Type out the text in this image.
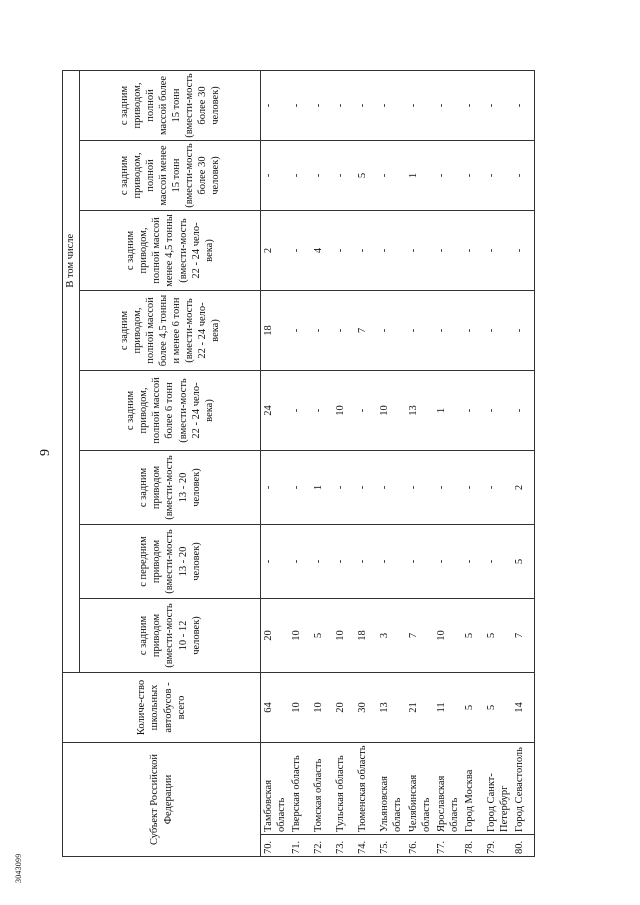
9
3043099
Субъект Российской Федерации		Количе-ство школьных автобусов - всего				В том числе				
			с задним приводом (вмести-мость 10 - 12 человек)	с передним приводом (вмести-мость 13 - 20 человек)	с задним приводом (вмести-мость 13 - 20 человек)	с задним приводом, полной массой более 6 тонн (вмести-мость 22 - 24 чело-века)	с задним приводом, полной массой более 4,5 тонны и менее 6 тонн (вмести-мость 22 - 24 чело-века)	с задним приводом, полной массой менее 4,5 тонны (вмести-мость 22 - 24 чело-века)	с задним приводом, полной массой менее 15 тонн (вмести-мость более 30 человек)	с задним приводом, полной массой более 15 тонн (вмести-мость более 30 человек)
70.	Тамбовская область	64	20	-	-	24	18	2	-	-
71.	Тверская область	10	10	-	-	-	-	-	-	-
72.	Томская область	10	5	-	1	-	-	4	-	-
73.	Тульская область	20	10	-	-	10	-	-	-	-
74.	Тюменская область	30	18	-	-	-	7	-	5	-
75.	Ульяновская область	13	3	-	-	10	-	-	-	-
76.	Челябинская область	21	7	-	-	13	-	-	1	-
77.	Ярославская область	11	10	-	-	1	-	-	-	-
78.	Город Москва	5	5	-	-	-	-	-	-	-
79.	Город Санкт-Петербург	5	5	-	-	-	-	-	-	-
80.	Город Севастополь	14	7	5	2	-	-	-	-	-
